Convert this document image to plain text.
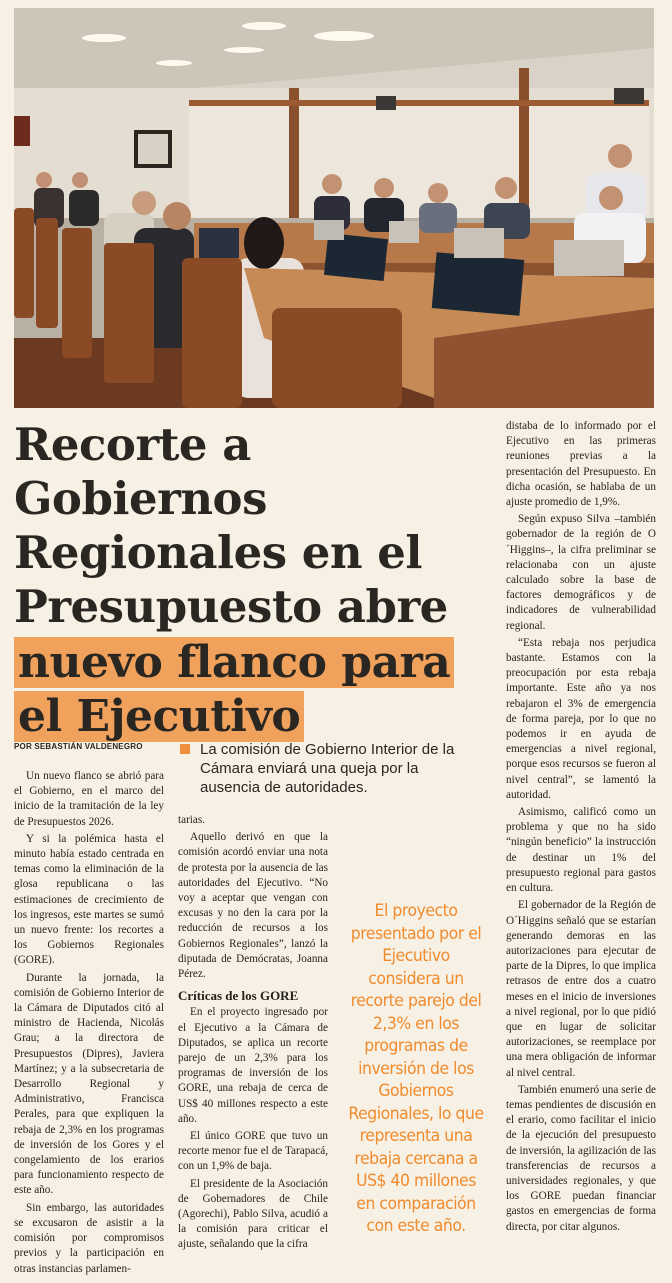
Recorte a Gobiernos
Regionales en el
Presupuesto abre
nuevo flanco para el Ejecutivo
POR SEBASTIÁN VALDENEGRO	La comisión de Gobierno Interior de la Cámara enviará una queja por la ausencia de autoridades.

Un nuevo flanco se abrió para el Gobierno, en el marco del inicio de la tramitación de la ley de Presupuestos 2026.

Y si la polémica hasta el minuto había estado centrada en temas como la eliminación de la glosa republicana o las estimaciones de crecimiento de los ingresos, este martes se sumó un nuevo frente: los recortes a los Gobiernos Regionales (GORE).

Durante la jornada, la comisión de Gobierno Interior de la Cámara de Diputados citó al ministro de Hacienda, Nicolás Grau; a la directora de Presupuestos (Dipres), Javiera Martínez; y a la subsecretaria de Desarrollo Regional y Administrativo, Francisca Perales, para que expliquen la rebaja de 2,3% en los programas de inversión de los Gores y el congelamiento de los erarios para funcionamiento respecto de este año.

Sin embargo, las autoridades se excusaron de asistir a la comisión por compromisos previos y la participación en otras instancias parlamen-

tarias.

Aquello derivó en que la comisión acordó enviar una nota de protesta por la ausencia de las autoridades del Ejecutivo. “No voy a aceptar que vengan con excusas y no den la cara por la reducción de recursos a los Gobiernos Regionales”, lanzó la diputada de Demócratas, Joanna Pérez.

Críticas de los GORE

En el proyecto ingresado por el Ejecutivo a la Cámara de Diputados, se aplica un recorte parejo de un 2,3% para los programas de inversión de los GORE, una rebaja de cerca de US$ 40 millones respecto a este año.

El único GORE que tuvo un recorte menor fue el de Tarapacá, con un 1,9% de baja.

El presidente de la Asociación de Gobernadores de Chile (Agorechi), Pablo Silva, acudió a la comisión para criticar el ajuste, señalando que la cifra

El proyecto presentado por el Ejecutivo considera un recorte parejo del 2,3% en los programas de inversión de los Gobiernos Regionales, lo que representa una rebaja cercana a US$ 40 millones en comparación con este año.

distaba de lo informado por el Ejecutivo en las primeras reuniones previas a la presentación del Presupuesto. En dicha ocasión, se hablaba de un ajuste promedio de 1,9%.

Según expuso Silva –también gobernador de la región de O´Higgins–, la cifra preliminar se relacionaba con un ajuste calculado sobre la base de factores demográficos y de indicadores de vulnerabilidad regional.

“Esta rebaja nos perjudica bastante. Estamos con la preocupación por esta rebaja importante. Este año ya nos rebajaron el 3% de emergencia de forma pareja, por lo que no podemos ir en ayuda de emergencias a nivel regional, porque esos recursos se fueron al nivel central”, se lamentó la autoridad.

Asimismo, calificó como un problema y que no ha sido “ningún beneficio” la instrucción de destinar un 1% del presupuesto regional para gastos en cultura.

El gobernador de la Región de O´Higgins señaló que se estarían generando demoras en las autorizaciones para ejecutar de parte de la Dipres, lo que implica retrasos de entre dos a cuatro meses en el inicio de inversiones a nivel regional, por lo que pidió que en lugar de solicitar autorizaciones, se reemplace por una mera obligación de informar al nivel central.

También enumeró una serie de temas pendientes de discusión en el erario, como facilitar el inicio de la ejecución del presupuesto de inversión, la agilización de las transferencias de recursos a universidades regionales, y que los GORE puedan financiar gastos en emergencias de forma directa, por citar algunos.
